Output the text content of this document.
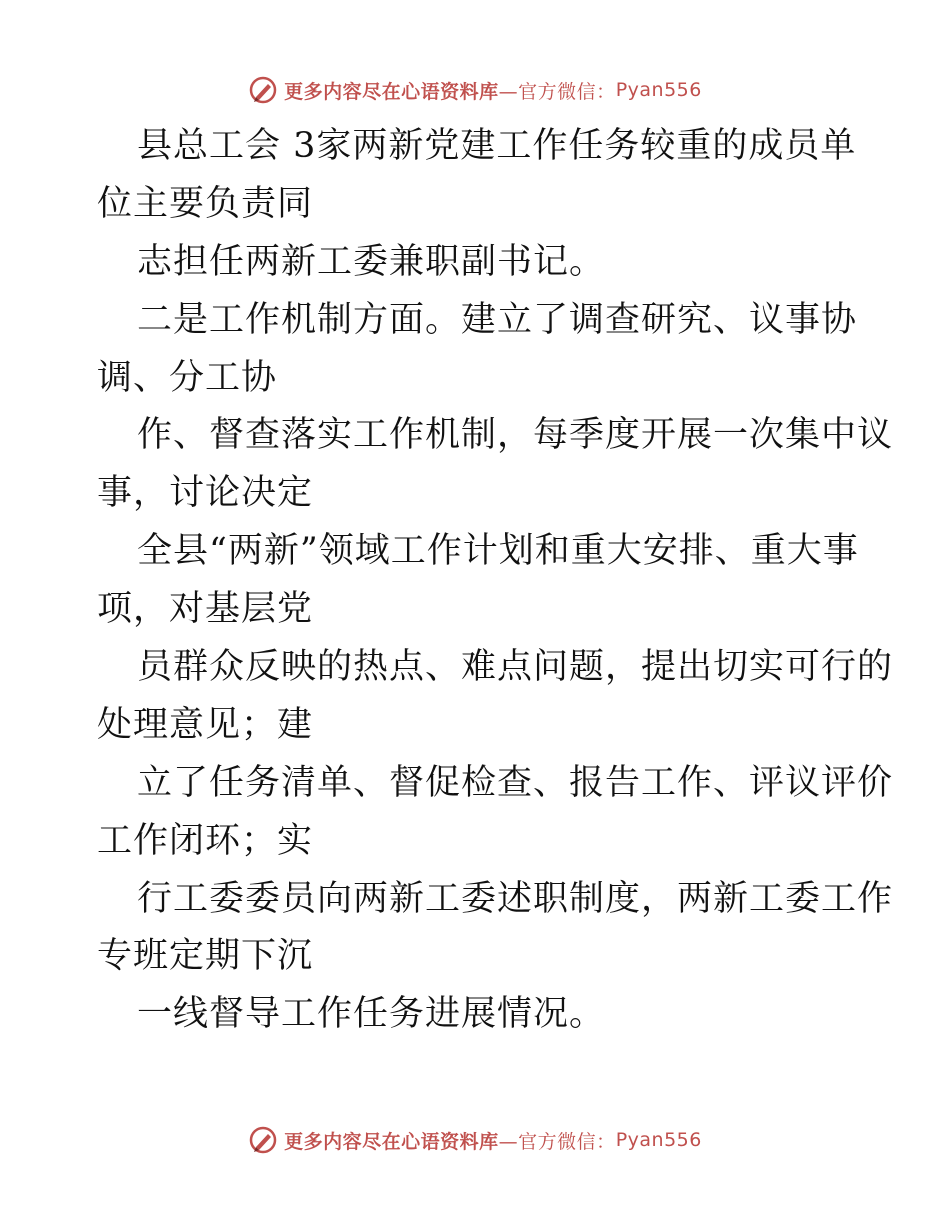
更多内容尽在心语资料库 —官方微信： Pyan556
县总工会 3家两新党建工作任务较重的成员单
位主要负责同
志担任两新工委兼职副书记。
二是工作机制方面。建立了调查研究、议事协
调、分工协
作、督查落实工作机制，每季度开展一次集中议
事，讨论决定
全县“两新”领域工作计划和重大安排、重大事
项，对基层党
员群众反映的热点、难点问题，提出切实可行的
处理意见；建
立了任务清单、督促检查、报告工作、评议评价
工作闭环；实
行工委委员向两新工委述职制度，两新工委工作
专班定期下沉
一线督导工作任务进展情况。
更多内容尽在心语资料库 —官方微信： Pyan556
